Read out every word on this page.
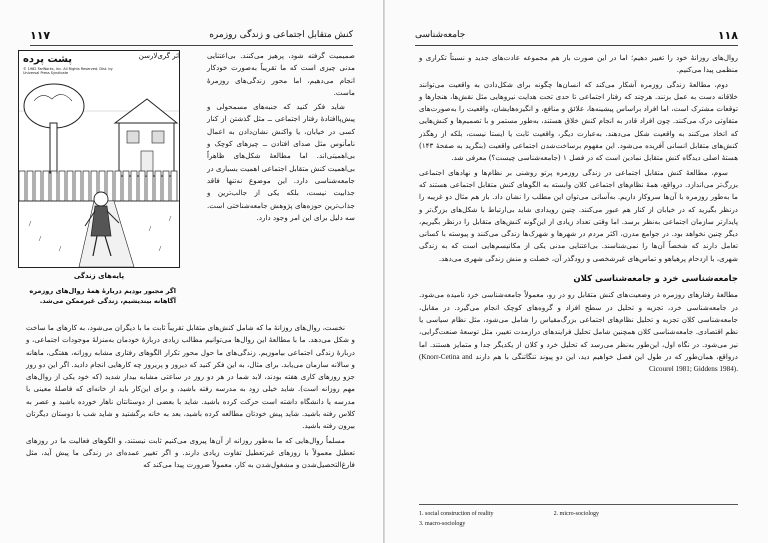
کنش متقابل اجتماعی و زندگی روزمره
۱۱۷

صمیمیت گرفته شود، پرهیز می‌کنند. بی‌اعتنایی مدنی چیزی است که ما تقریباً به‌صورت خودکار انجام می‌دهیم، اما محور زندگی‌های روزمرهٔ ماست.

شاید فکر کنید که جنبه‌های مسمحولی و پیش‌پاافتادهٔ رفتار اجتماعی ــ مثل گذشتن از کنار کسی در خیابان، یا واکنش نشان‌دادن به اعمال نامأنوس مثل صدای افتادن ــ چیزهای کوچک و بی‌اهمیتی‌اند. اما مطالعهٔ شکل‌های ظاهراً بی‌اهمیت کنش متقابل اجتماعی اهمیت بسیاری در جامعه‌شناسی دارد. این موضوع نه‌تنها فاقد جذابیت نیست، بلکه یکی از جالب‌ترین و جذاب‌ترین حوزه‌های پژوهش جامعه‌شناختی است. سه دلیل برای این امر وجود دارد.

پشت پرده
© 1982 FarWorks, Inc. All Rights Reserved. Dist. by Universal Press Syndicate
پایه‌های زندگی
اگر مجبور بودیم دربارهٔ همهٔ روال‌های روزمره آگاهانه بیندیشیم، زندگی غیرممکن می‌شد.
اثر گری‌لارسن

نخست، روال‌های روزانهٔ ما که شامل کنش‌های متقابل تقریباً ثابت ما با دیگران می‌شود، به کارهای ما ساخت و شکل می‌دهد. ما با مطالعهٔ این روال‌ها می‌توانیم مطالب زیادی دربارهٔ خودمان به‌منزلهٔ موجودات اجتماعی، و دربارهٔ زندگی اجتماعی بیاموزیم. زندگی‌های ما حول محور تکرار الگوهای رفتاری مشابه روزانه، هفتگی، ماهانه و سالانه سازمان می‌یابد. برای مثال، به این فکر کنید که دیروز و پریروز چه کارهایی انجام دادید. اگر این دو روز جزو روزهای کاری هفته بودند، لابد شما در هر دو روز در ساعتی مشابه بیدار شدید (که خود یکی از روال‌های مهم روزانه است). شاید خیلی زود به مدرسه رفته باشید، و برای این‌کار باید از خانه‌ای که فاصلهٔ معینی با مدرسه یا دانشگاه داشته است حرکت کرده باشید. شاید با بعضی از دوستانتان ناهار خورده باشید و عصر به کلاس رفته باشید. شاید پیش خودتان مطالعه کرده باشید، بعد به خانه برگشتید و شاید شب با دوستان دیگرتان بیرون رفته باشید.

مسلماً روال‌هایی که ما به‌طور روزانه از آن‌ها پیروی می‌کنیم ثابت نیستند، و الگوهای فعالیت ما در روزهای تعطیل معمولاً با روزهای غیرتعطیل تفاوت زیادی دارند. و اگر تغییر عمده‌ای در زندگی ما پیش آید، مثل فارغ‌التحصیل‌شدن و مشغول‌شدن به کار، معمولاً ضرورت پیدا می‌کند که

جامعه‌شناسی	۱۱۸

روال‌های روزانهٔ خود را تغییر دهیم؛ اما در این صورت باز هم مجموعه عادت‌های جدید و نسبتاً تکراری و منظمی پیدا می‌کنیم.

دوم، مطالعهٔ زندگی روزمره آشکار می‌کند که انسان‌ها چگونه برای شکل‌دادن به واقعیت می‌توانند خلاقانه دست به عمل بزنند. هرچند که رفتار اجتماعی تا حدی تحت هدایت نیروهایی مثل نقش‌ها، هنجارها و توقعات مشترک است، اما افراد براساس پیشینه‌ها، علائق و منافع، و انگیزه‌هایشان، واقعیت را به‌صورت‌های متفاوتی درک می‌کنند. چون افراد قادر به انجام کنش خلاق هستند، به‌طور مستمر و با تصمیم‌ها و کنش‌هایی که اتخاذ می‌کنند به واقعیت شکل می‌دهند. به‌عبارت دیگر، واقعیت ثابت یا ایستا نیست، بلکه از رهگذر کنش‌های متقابل انسانی آفریده می‌شود. این مفهوم برساخت‌شدن اجتماعی واقعیت (بنگرید به صفحهٔ ۱۴۳) هستهٔ اصلی دیدگاه کنش متقابل نمادین است که در فصل ۱ (جامعه‌شناسی چیست؟) معرفی شد.

سوم، مطالعهٔ کنش متقابل اجتماعی در زندگی روزمره پرتو روشنی بر نظام‌ها و نهادهای اجتماعی بزرگ‌تر می‌اندازد. درواقع، همهٔ نظام‌های اجتماعی کلان وابسته به الگوهای کنش متقابل اجتماعی هستند که ما به‌طور روزمره با آن‌ها سروکار داریم. به‌آسانی می‌توان این مطلب را نشان داد. باز هم مثال دو غریبه را درنظر بگیرید که در خیابان از کنار هم عبور می‌کنند. چنین رویدادی شاید بی‌ارتباط با شکل‌های بزرگ‌تر و پایدارتر سازمان اجتماعی به‌نظر برسد. اما وقتی تعداد زیادی از این‌گونه کنش‌های متقابل را درنظر بگیریم، دیگر چنین نخواهد بود. در جوامع مدرن، اکثر مردم در شهرها و شهرک‌ها زندگی می‌کنند و پیوسته با کسانی تعامل دارند که شخصاً آن‌ها را نمی‌شناسند. بی‌اعتنایی مدنی یکی از مکانیسم‌هایی است که به زندگی شهری، با ازدحام پرهیاهو و تماس‌های غیرشخصی و زودگذر آن، خصلت و منش زندگی شهری می‌دهد.

جامعه‌شناسی خرد و جامعه‌شناسی کلان

مطالعهٔ رفتارهای روزمره در وضعیت‌های کنش متقابل رو در رو، معمولاً جامعه‌شناسی خرد نامیده می‌شود. در جامعه‌شناسی خرد، تجزیه و تحلیل در سطح افراد و گروه‌های کوچک انجام می‌گیرد. در مقابل، جامعه‌شناسی کلان تجزیه و تحلیل نظام‌های اجتماعی بزرگ‌مقیاس را شامل می‌شود، مثل نظام سیاسی یا نظم اقتصادی. جامعه‌شناسی کلان همچنین شامل تحلیل فرایندهای درازمدت تغییر، مثل توسعهٔ صنعت‌گرایی، نیز می‌شود. در نگاه اول، این‌طور به‌نظر می‌رسد که تحلیل خرد و کلان از یکدیگر جدا و متمایز هستند. اما درواقع، همان‌طور که در طول این فصل خواهیم دید، این دو پیوند تنگاتنگی با هم دارند (Knorr-Cetina and Cicourel 1981; Giddens 1984).

1. social construction of reality	2. micro-sociology
3. macro-sociology
